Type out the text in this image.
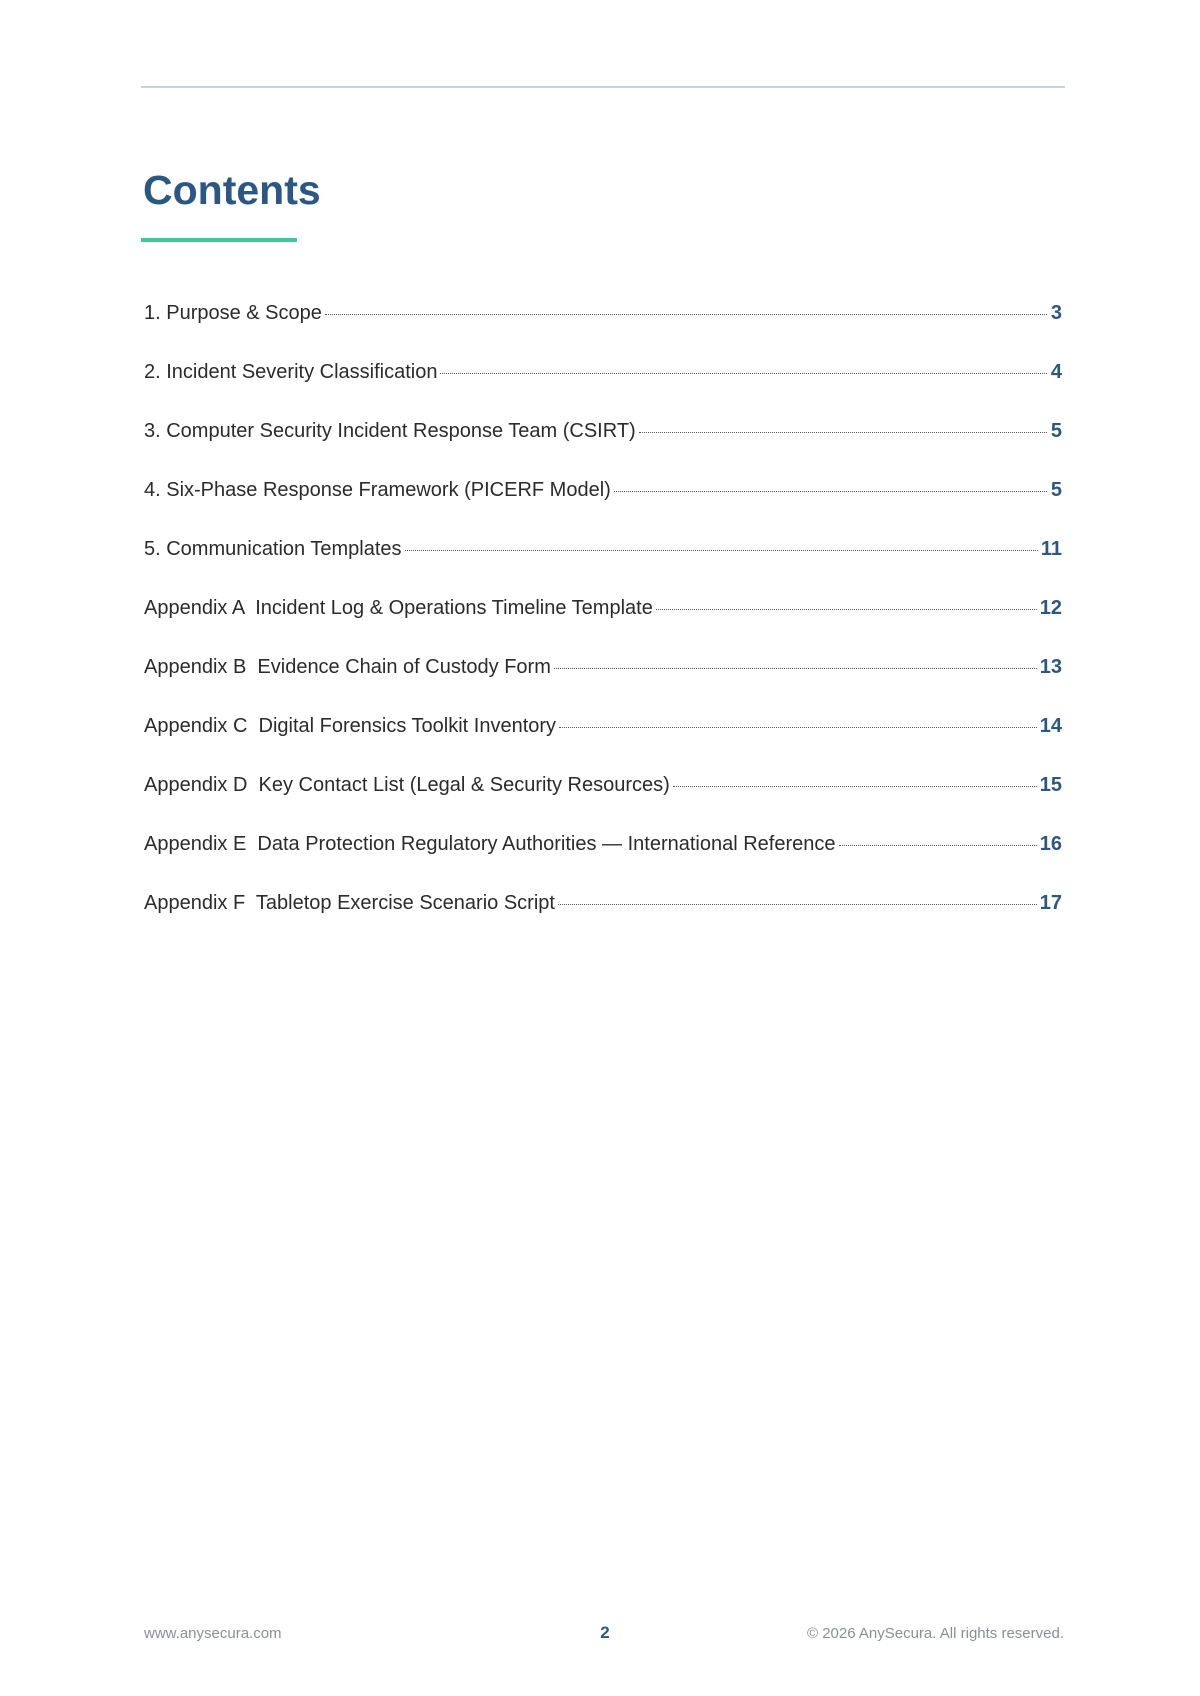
Contents
1. Purpose & Scope	3
2. Incident Severity Classification	4
3. Computer Security Incident Response Team (CSIRT)	5
4. Six-Phase Response Framework (PICERF Model)	5
5. Communication Templates	11
Appendix A  Incident Log & Operations Timeline Template	12
Appendix B  Evidence Chain of Custody Form	13
Appendix C  Digital Forensics Toolkit Inventory	14
Appendix D  Key Contact List (Legal & Security Resources)	15
Appendix E  Data Protection Regulatory Authorities — International Reference	16
Appendix F  Tabletop Exercise Scenario Script	17
www.anysecura.com	2	© 2026 AnySecura. All rights reserved.
